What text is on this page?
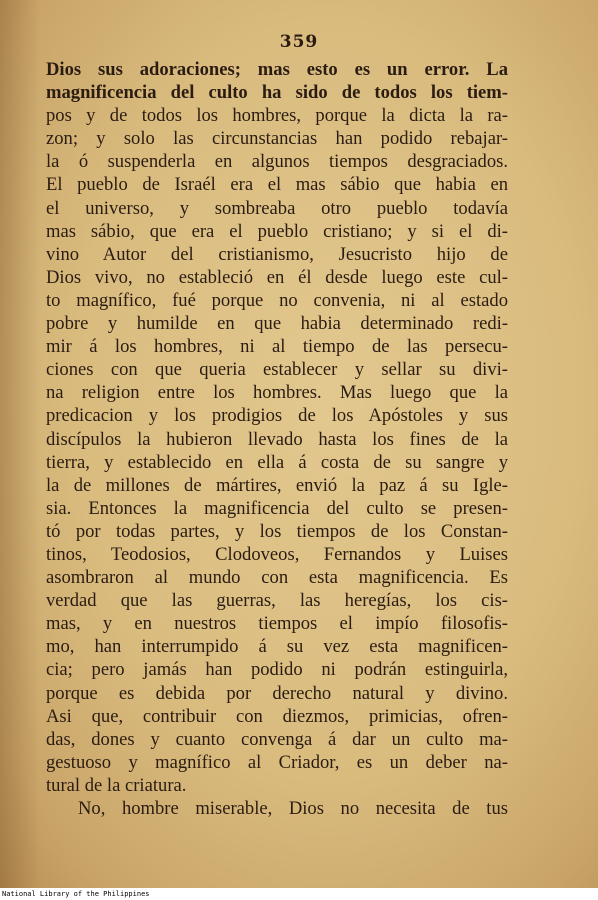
359
Dios sus adoraciones; mas esto es un error. La
magnificencia del culto ha sido de todos los tiem-
pos y de todos los hombres, porque la dicta la ra-
zon; y solo las circunstancias han podido rebajar-
la ó suspenderla en algunos tiempos desgraciados.
El pueblo de Israél era el mas sábio que habia en
el universo, y sombreaba otro pueblo todavía
mas sábio, que era el pueblo cristiano; y si el di-
vino Autor del cristianismo, Jesucristo hijo de
Dios vivo, no estableció en él desde luego este cul-
to magnífico, fué porque no convenia, ni al estado
pobre y humilde en que habia determinado redi-
mir á los hombres, ni al tiempo de las persecu-
ciones con que queria establecer y sellar su divi-
na religion entre los hombres. Mas luego que la
predicacion y los prodigios de los Apóstoles y sus
discípulos la hubieron llevado hasta los fines de la
tierra, y establecido en ella á costa de su sangre y
la de millones de mártires, envió la paz á su Igle-
sia. Entonces la magnificencia del culto se presen-
tó por todas partes, y los tiempos de los Constan-
tinos, Teodosios, Clodoveos, Fernandos y Luises
asombraron al mundo con esta magnificencia. Es
verdad que las guerras, las heregías, los cis-
mas, y en nuestros tiempos el impío filosofis-
mo, han interrumpido á su vez esta magnificen-
cia; pero jamás han podido ni podrán estinguirla,
porque es debida por derecho natural y divino.
Asi que, contribuir con diezmos, primicias, ofren-
das, dones y cuanto convenga á dar un culto ma-
gestuoso y magnífico al Criador, es un deber na-
tural de la criatura.
No, hombre miserable, Dios no necesita de tus
National Library of the Philippines
